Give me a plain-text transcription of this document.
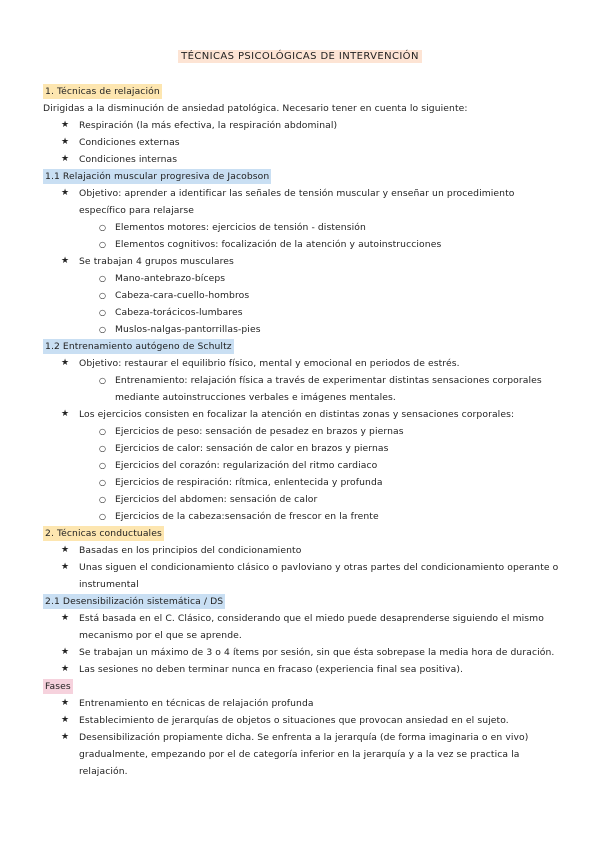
TÉCNICAS PSICOLÓGICAS DE INTERVENCIÓN
1. Técnicas de relajación
Dirigidas a la disminución de ansiedad patológica. Necesario tener en cuenta lo siguiente:
★ Respiración (la más efectiva, la respiración abdominal)
★ Condiciones externas
★ Condiciones internas
1.1 Relajación muscular progresiva de Jacobson
★ Objetivo: aprender a identificar las señales de tensión muscular y enseñar un procedimiento específico para relajarse
○ Elementos motores: ejercicios de tensión - distensión
○ Elementos cognitivos: focalización de la atención y autoinstrucciones
★ Se trabajan 4 grupos musculares
○ Mano-antebrazo-bíceps
○ Cabeza-cara-cuello-hombros
○ Cabeza-torácicos-lumbares
○ Muslos-nalgas-pantorrillas-pies
1.2 Entrenamiento autógeno de Schultz
★ Objetivo: restaurar el equilibrio físico, mental y emocional en periodos de estrés.
○ Entrenamiento: relajación física a través de experimentar distintas sensaciones corporales mediante autoinstrucciones verbales e imágenes mentales.
★ Los ejercicios consisten en focalizar la atención en distintas zonas y sensaciones corporales:
○ Ejercicios de peso: sensación de pesadez en brazos y piernas
○ Ejercicios de calor: sensación de calor en brazos y piernas
○ Ejercicios del corazón: regularización del ritmo cardiaco
○ Ejercicios de respiración: rítmica, enlentecida y profunda
○ Ejercicios del abdomen: sensación de calor
○ Ejercicios de la cabeza:sensación de frescor en la frente
2. Técnicas conductuales
★ Basadas en los principios del condicionamiento
★ Unas siguen el condicionamiento clásico o pavloviano y otras partes del condicionamiento operante o instrumental
2.1 Desensibilización sistemática / DS
★ Está basada en el C. Clásico, considerando que el miedo puede desaprenderse siguiendo el mismo mecanismo por el que se aprende.
★ Se trabajan un máximo de 3 o 4 ítems por sesión, sin que ésta sobrepase la media hora de duración.
★ Las sesiones no deben terminar nunca en fracaso (experiencia final sea positiva).
Fases
★ Entrenamiento en técnicas de relajación profunda
★ Establecimiento de jerarquías de objetos o situaciones que provocan ansiedad en el sujeto.
★ Desensibilización propiamente dicha. Se enfrenta a la jerarquía (de forma imaginaria o en vivo) gradualmente, empezando por el de categoría inferior en la jerarquía y a la vez se practica la relajación.
